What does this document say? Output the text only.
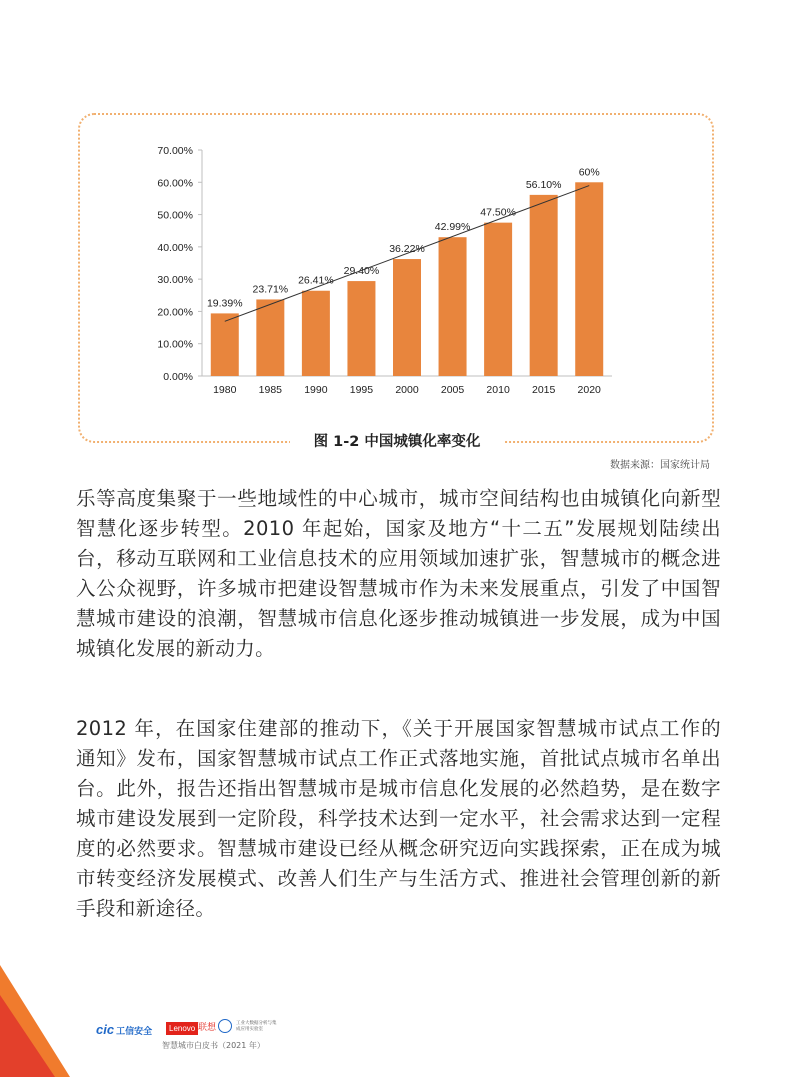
0.00%
10.00%
20.00%
30.00%
40.00%
50.00%
60.00%
70.00%
19.39%
23.71%
26.41%
29.40%
36.22%
42.99%
47.50%
56.10%
60%
1980 1985 1990 1995 2000 2005 2010 2015 2020
图 1-2 中国城镇化率变化
数据来源：国家统计局

乐等高度集聚于一些地域性的中心城市，城市空间结构也由城镇化向新型智慧化逐步转型。2010 年起始，国家及地方“十二五”发展规划陆续出台，移动互联网和工业信息技术的应用领域加速扩张，智慧城市的概念进入公众视野，许多城市把建设智慧城市作为未来发展重点，引发了中国智慧城市建设的浪潮，智慧城市信息化逐步推动城镇进一步发展，成为中国城镇化发展的新动力。

2012 年，在国家住建部的推动下，《关于开展国家智慧城市试点工作的通知》发布，国家智慧城市试点工作正式落地实施，首批试点城市名单出台。此外，报告还指出智慧城市是城市信息化发展的必然趋势，是在数字城市建设发展到一定阶段，科学技术达到一定水平，社会需求达到一定程度的必然要求。智慧城市建设已经从概念研究迈向实践探索，正在成为城市转变经济发展模式、改善人们生产与生活方式、推进社会管理创新的新手段和新途径。

10
cic 工信安全	Lenovo 联想	工业大数据分析与集成应用实验室
智慧城市白皮书（2021 年）
